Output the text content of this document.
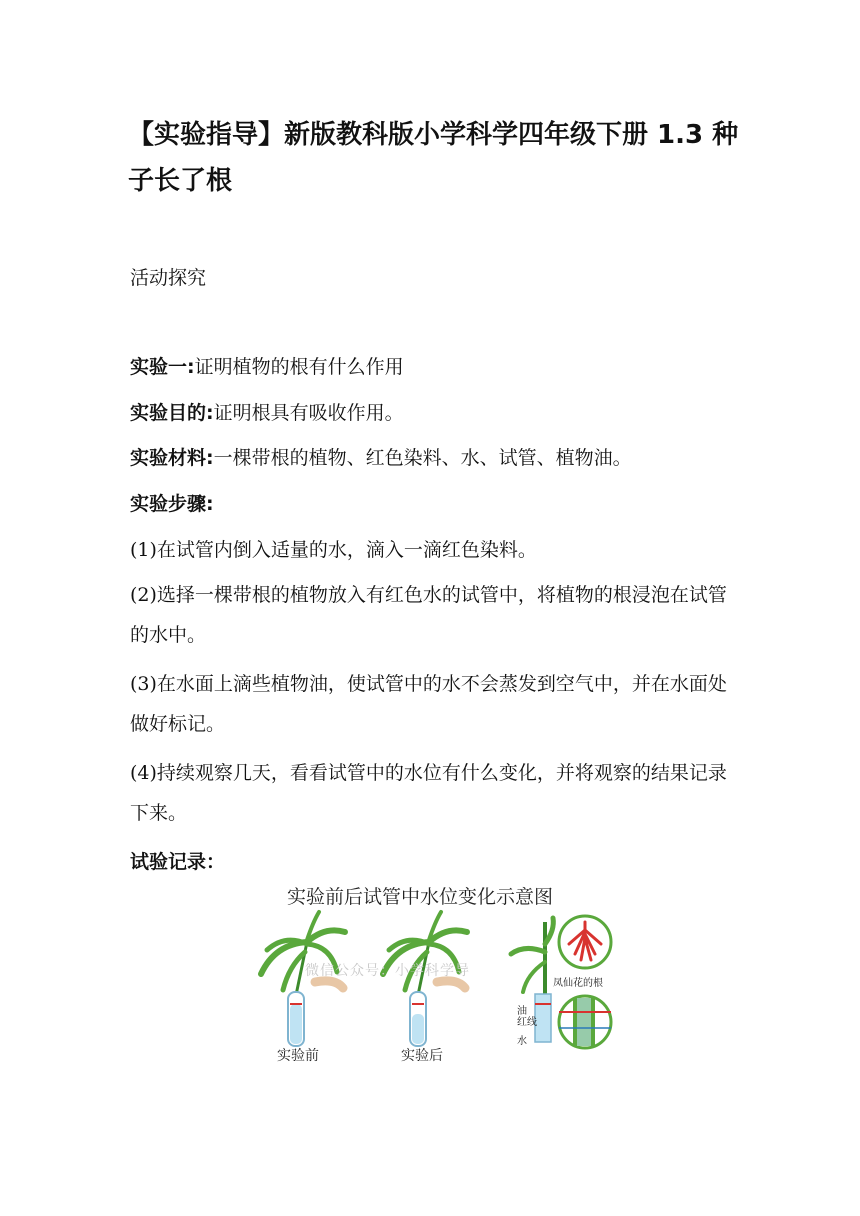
【实验指导】新版教科版小学科学四年级下册 1.3 种子长了根
活动探究
实验一:证明植物的根有什么作用
实验目的:证明根具有吸收作用。
实验材料:一棵带根的植物、红色染料、水、试管、植物油。
实验步骤:
(1)在试管内倒入适量的水，滴入一滴红色染料。
(2)选择一棵带根的植物放入有红色水的试管中，将植物的根浸泡在试管的水中。
(3)在水面上滴些植物油，使试管中的水不会蒸发到空气中，并在水面处做好标记。
(4)持续观察几天，看看试管中的水位有什么变化，并将观察的结果记录下来。
试验记录：
实验前后试管中水位变化示意图
微信公众号：小学科学导
凤仙花的根
油
红线
水
实验前	实验后
